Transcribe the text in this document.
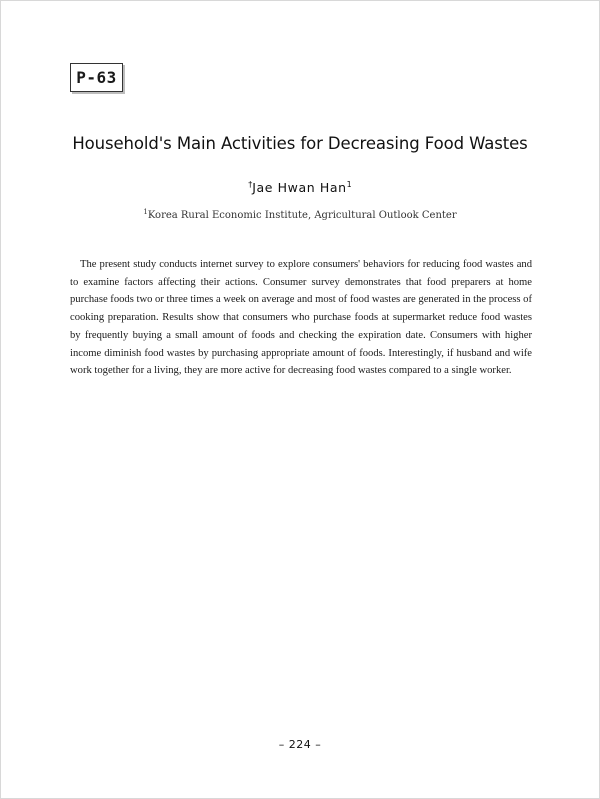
P-63
Household's Main Activities for Decreasing Food Wastes
†Jae Hwan Han$^1$
$^1$Korea Rural Economic Institute, Agricultural Outlook Center

The present study conducts internet survey to explore consumers' behaviors for reducing food wastes and to examine factors affecting their actions. Consumer survey demonstrates that food preparers at home purchase foods two or three times a week on average and most of food wastes are generated in the process of cooking preparation. Results show that consumers who purchase foods at supermarket reduce food wastes by frequently buying a small amount of foods and checking the expiration date. Consumers with higher income diminish food wastes by purchasing appropriate amount of foods. Interestingly, if husband and wife work together for a living, they are more active for decreasing food wastes compared to a single worker.

– 224 –
